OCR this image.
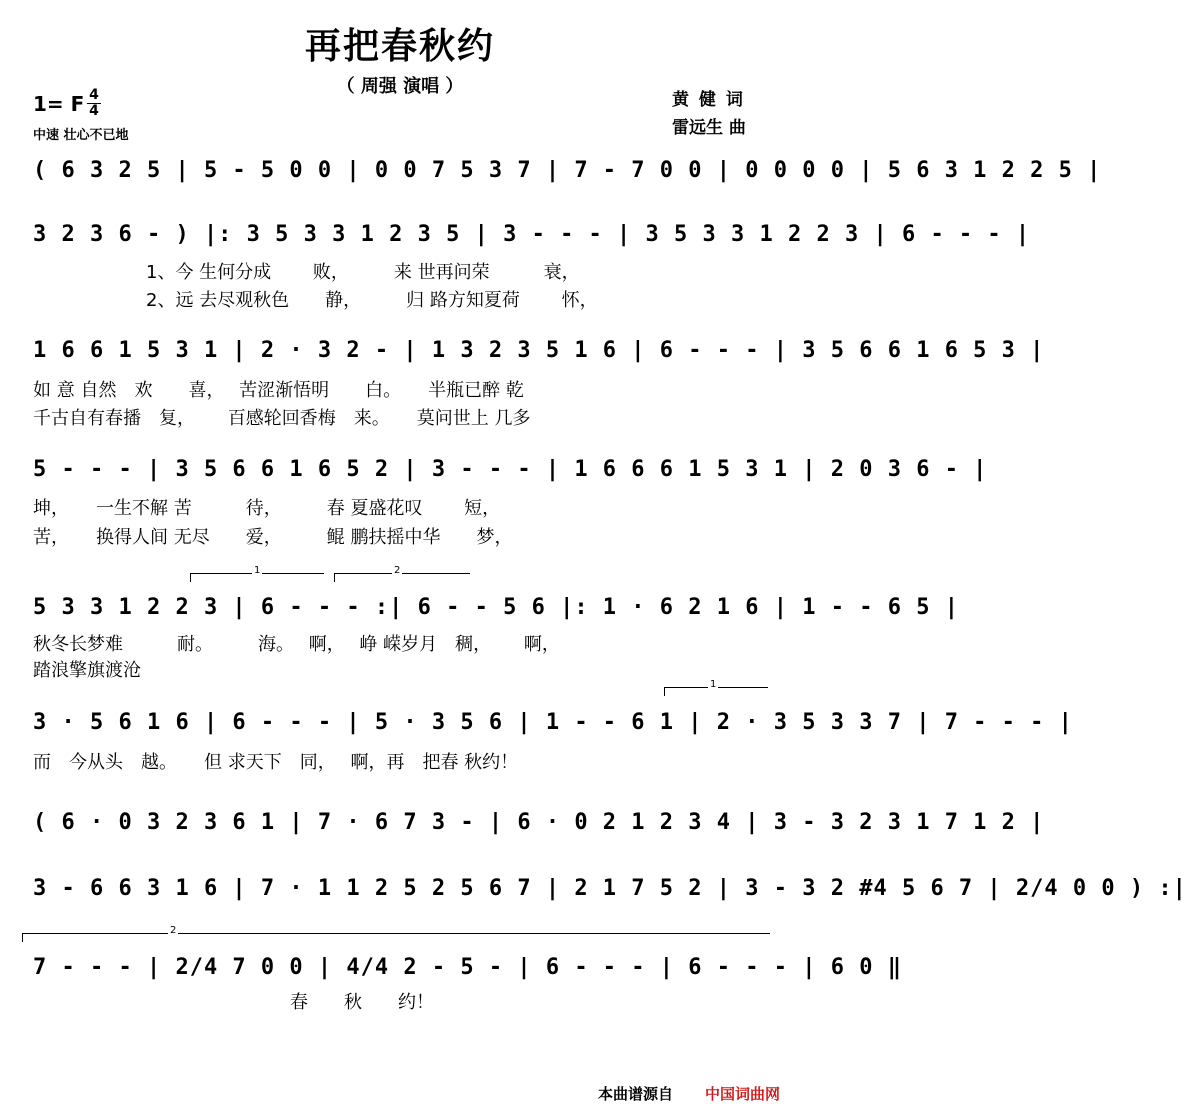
再把春秋约
（ 周强 演唱 ）
1= F 4
4
中速 壮心不已地
黄 健 词
雷远生 曲
( 6 3 2 5 | 5 - 5 0 0 | 0 0 7 5 3 7 | 7 - 7 0 0 | 0 0 0 0 | 5 6 3 1 2 2 5 |
3 2 3 6 - ) |: 3 5 3 3 1 2 3 5 | 3 - - - | 3 5 3 3 1 2 2 3 | 6 - - - |
1、今 生何分成　　 败，　　　来 世再问荣　　　衰，
2、远 去尽观秋色　　静，　　　归 路方知夏荷　　 怀，
1 6 6 1 5 3 1 | 2 · 3 2 - | 1 3 2 3 5 1 6 | 6 - - - | 3 5 6 6 1 6 5 3 |
如 意 自然　欢　　喜，　 苦涩渐悟明　　白。　　半瓶已醉 乾
千古自有春播　复，　　 百感轮回香梅　来。　　莫问世上 几多
5 - - - | 3 5 6 6 1 6 5 2 | 3 - - - | 1 6 6 6 1 5 3 1 | 2 0 3 6 - |
坤，　　一生不解 苦　　　待，　　　春 夏盛花叹　　 短，
苦，　　换得人间 无尽　　爱，　　　鲲 鹏扶摇中华　　梦，
1	2
5 3 3 1 2 2 3 | 6 - - - :| 6 - - 5 6 |: 1 · 6 2 1 6 | 1 - - 6 5 |
秋冬长梦难　　　耐。　　　海。　 啊，　 峥 嵘岁月　稠，　　 啊，
踏浪擎旗渡沧
1
3 · 5 6 1 6 | 6 - - - | 5 · 3 5 6 | 1 - - 6 1 | 2 · 3 5 3 3 7 | 7 - - - |
而　今从头　越。　　但 求天下　同，　 啊，再　把春 秋约！
( 6 · 0 3 2 3 6 1 | 7 · 6 7 3 - | 6 · 0 2 1 2 3 4 | 3 - 3 2 3 1 7 1 2 |
3 - 6 6 3 1 6 | 7 · 1 1 2 5 2 5 6 7 | 2 1 7 5 2 | 3 - 3 2 #4 5 6 7 | 2/4 0 0 ) :|
2
7 - - - | 2/4 7 0 0 | 4/4 2 - 5 - | 6 - - - | 6 - - - | 6 0 ‖
春　　秋　　约！
本曲谱源自 中国词曲网
